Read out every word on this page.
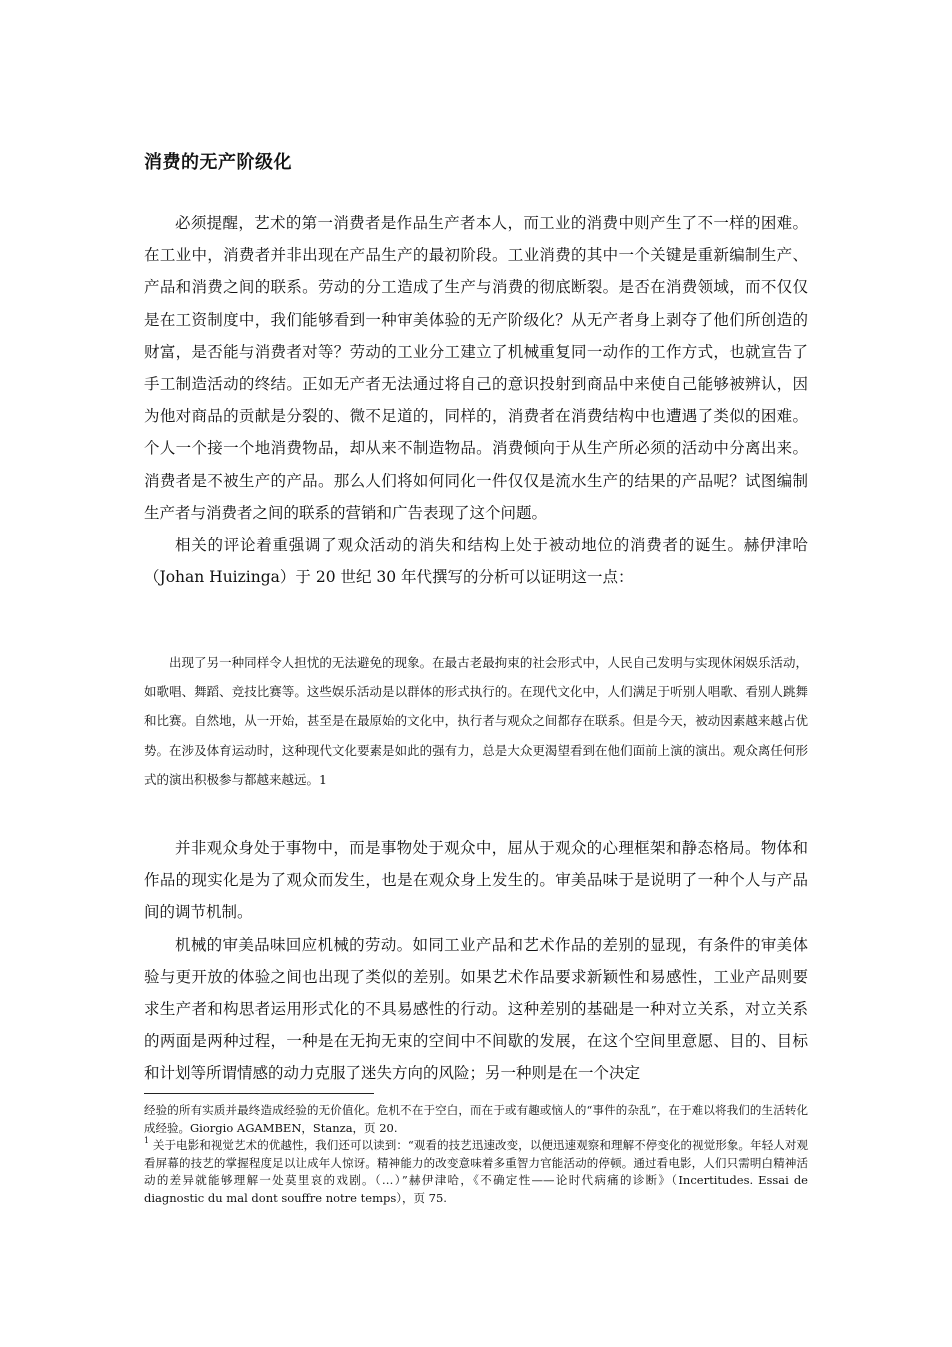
消费的无产阶级化

必须提醒，艺术的第一消费者是作品生产者本人，而工业的消费中则产生了不一样的困难。在工业中，消费者并非出现在产品生产的最初阶段。工业消费的其中一个关键是重新编制生产、产品和消费之间的联系。劳动的分工造成了生产与消费的彻底断裂。是否在消费领域，而不仅仅是在工资制度中，我们能够看到一种审美体验的无产阶级化？从无产者身上剥夺了他们所创造的财富，是否能与消费者对等？劳动的工业分工建立了机械重复同一动作的工作方式，也就宣告了手工制造活动的终结。正如无产者无法通过将自己的意识投射到商品中来使自己能够被辨认，因为他对商品的贡献是分裂的、微不足道的，同样的，消费者在消费结构中也遭遇了类似的困难。个人一个接一个地消费物品，却从来不制造物品。消费倾向于从生产所必须的活动中分离出来。消费者是不被生产的产品。那么人们将如何同化一件仅仅是流水生产的结果的产品呢？试图编制生产者与消费者之间的联系的营销和广告表现了这个问题。

相关的评论着重强调了观众活动的消失和结构上处于被动地位的消费者的诞生。赫伊津哈（Johan Huizinga）于 20 世纪 30 年代撰写的分析可以证明这一点：

出现了另一种同样令人担忧的无法避免的现象。在最古老最拘束的社会形式中，人民自己发明与实现休闲娱乐活动，如歌唱、舞蹈、竞技比赛等。这些娱乐活动是以群体的形式执行的。在现代文化中，人们满足于听别人唱歌、看别人跳舞和比赛。自然地，从一开始，甚至是在最原始的文化中，执行者与观众之间都存在联系。但是今天，被动因素越来越占优势。在涉及体育运动时，这种现代文化要素是如此的强有力，总是大众更渴望看到在他们面前上演的演出。观众离任何形式的演出积极参与都越来越远。1

并非观众身处于事物中，而是事物处于观众中，屈从于观众的心理框架和静态格局。物体和作品的现实化是为了观众而发生，也是在观众身上发生的。审美品味于是说明了一种个人与产品间的调节机制。

机械的审美品味回应机械的劳动。如同工业产品和艺术作品的差别的显现，有条件的审美体验与更开放的体验之间也出现了类似的差别。如果艺术作品要求新颖性和易感性，工业产品则要求生产者和构思者运用形式化的不具易感性的行动。这种差别的基础是一种对立关系，对立关系的两面是两种过程，一种是在无拘无束的空间中不间歇的发展，在这个空间里意愿、目的、目标和计划等所谓情感的动力克服了迷失方向的风险；另一种则是在一个决定

经验的所有实质并最终造成经验的无价值化。危机不在于空白，而在于或有趣或恼人的“事件的杂乱”，在于难以将我们的生活转化成经验。Giorgio AGAMBEN，Stanza，页 20.

$^1$ 关于电影和视觉艺术的优越性，我们还可以读到：“观看的技艺迅速改变，以便迅速观察和理解不停变化的视觉形象。年轻人对观看屏幕的技艺的掌握程度足以让成年人惊讶。精神能力的改变意味着多重智力官能活动的停顿。通过看电影，人们只需明白精神活动的差异就能够理解一处莫里哀的戏剧。（…）”赫伊津哈，《不确定性——论时代病痛的诊断》（Incertitudes. Essai de diagnostic du mal dont souffre notre temps），页 75.
